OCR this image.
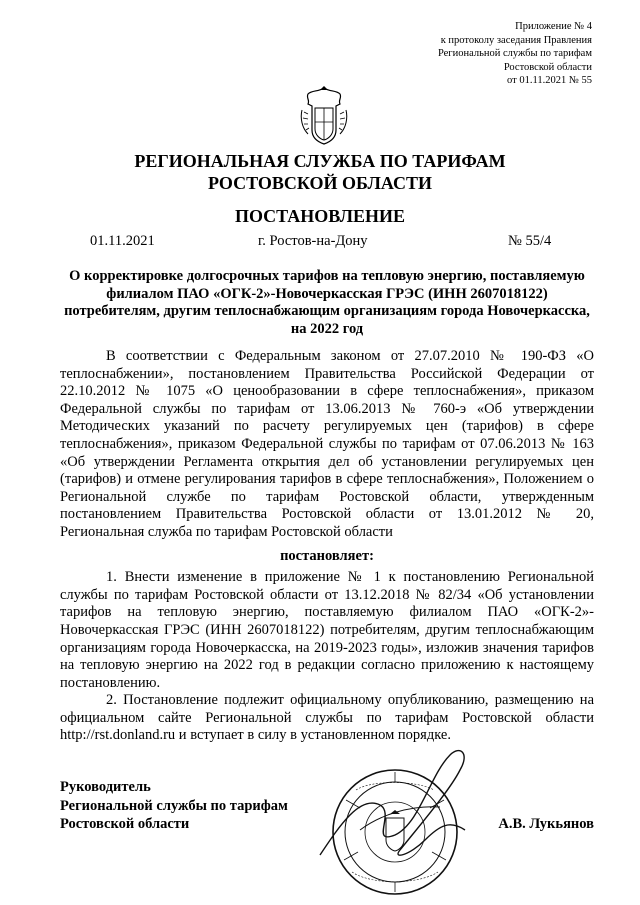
Приложение № 4
к протоколу заседания Правления
Региональной службы по тарифам
Ростовской области
от 01.11.2021 № 55
РЕГИОНАЛЬНАЯ СЛУЖБА ПО ТАРИФАМ
РОСТОВСКОЙ ОБЛАСТИ
ПОСТАНОВЛЕНИЕ
01.11.2021	г. Ростов-на-Дону	№ 55/4
О корректировке долгосрочных тарифов на тепловую энергию, поставляемую филиалом ПАО «ОГК-2»-Новочеркасская ГРЭС (ИНН 2607018122) потребителям, другим теплоснабжающим организациям города Новочеркасска, на 2022 год

В соответствии с Федеральным законом от 27.07.2010 № 190-ФЗ «О теплоснабжении», постановлением Правительства Российской Федерации от 22.10.2012 № 1075 «О ценообразовании в сфере теплоснабжения», приказом Федеральной службы по тарифам от 13.06.2013 № 760-э «Об утверждении Методических указаний по расчету регулируемых цен (тарифов) в сфере теплоснабжения», приказом Федеральной службы по тарифам от 07.06.2013 № 163 «Об утверждении Регламента открытия дел об установлении регулируемых цен (тарифов) и отмене регулирования тарифов в сфере теплоснабжения», Положением о Региональной службе по тарифам Ростовской области, утвержденным постановлением Правительства Ростовской области от 13.01.2012 № 20, Региональная служба по тарифам Ростовской области

постановляет:

1. Внести изменение в приложение № 1 к постановлению Региональной службы по тарифам Ростовской области от 13.12.2018 № 82/34 «Об установлении тарифов на тепловую энергию, поставляемую филиалом ПАО «ОГК-2»-Новочеркасская ГРЭС (ИНН 2607018122) потребителям, другим теплоснабжающим организациям города Новочеркасска, на 2019-2023 годы», изложив значения тарифов на тепловую энергию на 2022 год в редакции согласно приложению к настоящему постановлению.

2. Постановление подлежит официальному опубликованию, размещению на официальном сайте Региональной службы по тарифам Ростовской области http://rst.donland.ru и вступает в силу в установленном порядке.

Руководитель
Региональной службы по тарифам
Ростовской области	А.В. Лукьянов
